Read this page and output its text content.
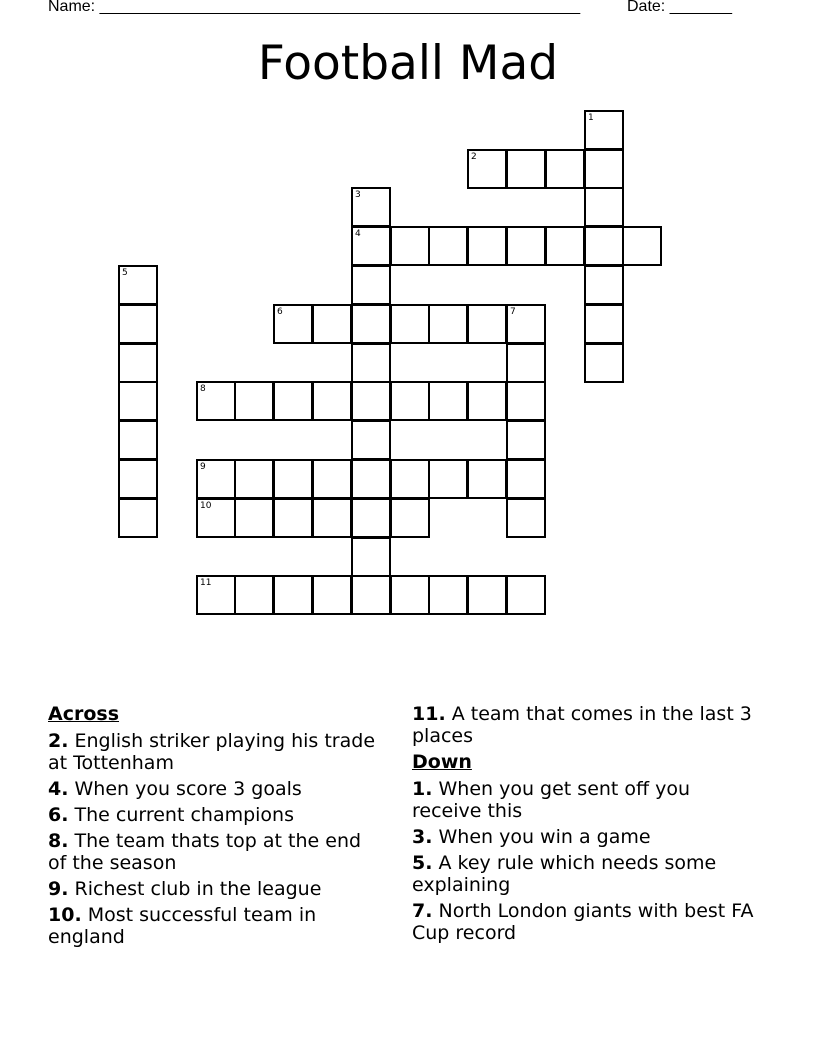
Name: ______________________________________________________	Date: _______
Football Mad
1
2
3
4
5
6	7
8
9
10
11
Across
2. English striker playing his trade at Tottenham
4. When you score 3 goals
6. The current champions
8. The team thats top at the end of the season
9. Richest club in the league
10. Most successful team in england
11. A team that comes in the last 3 places
Down
1. When you get sent off you receive this
3. When you win a game
5. A key rule which needs some explaining
7. North London giants with best FA Cup record
